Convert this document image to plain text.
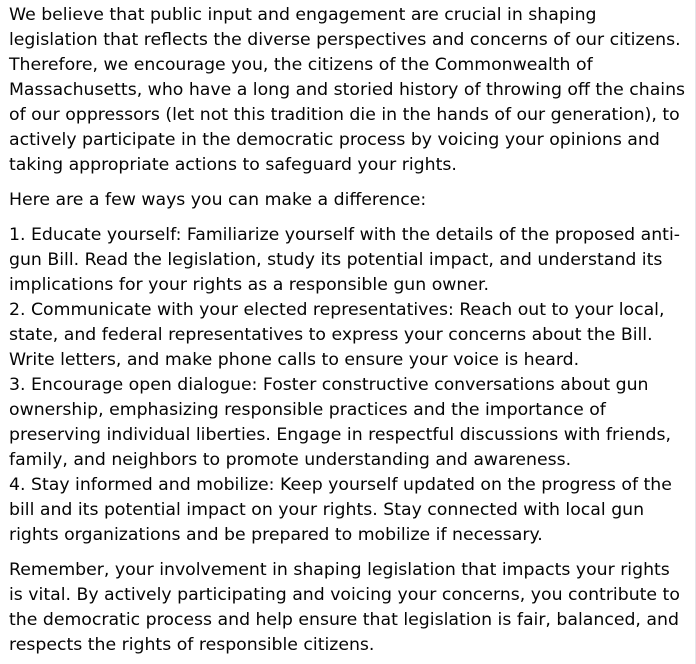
We believe that public input and engagement are crucial in shaping legislation that reflects the diverse perspectives and concerns of our citizens. Therefore, we encourage you, the citizens of the Commonwealth of Massachusetts, who have a long and storied history of throwing off the chains of our oppressors (let not this tradition die in the hands of our generation), to actively participate in the democratic process by voicing your opinions and taking appropriate actions to safeguard your rights.

Here are a few ways you can make a difference:

1. Educate yourself: Familiarize yourself with the details of the proposed anti-gun Bill. Read the legislation, study its potential impact, and understand its implications for your rights as a responsible gun owner.
2. Communicate with your elected representatives: Reach out to your local, state, and federal representatives to express your concerns about the Bill. Write letters, and make phone calls to ensure your voice is heard.
3. Encourage open dialogue: Foster constructive conversations about gun ownership, emphasizing responsible practices and the importance of preserving individual liberties. Engage in respectful discussions with friends, family, and neighbors to promote understanding and awareness.
4. Stay informed and mobilize: Keep yourself updated on the progress of the bill and its potential impact on your rights. Stay connected with local gun rights organizations and be prepared to mobilize if necessary.

Remember, your involvement in shaping legislation that impacts your rights is vital. By actively participating and voicing your concerns, you contribute to the democratic process and help ensure that legislation is fair, balanced, and respects the rights of responsible citizens.
